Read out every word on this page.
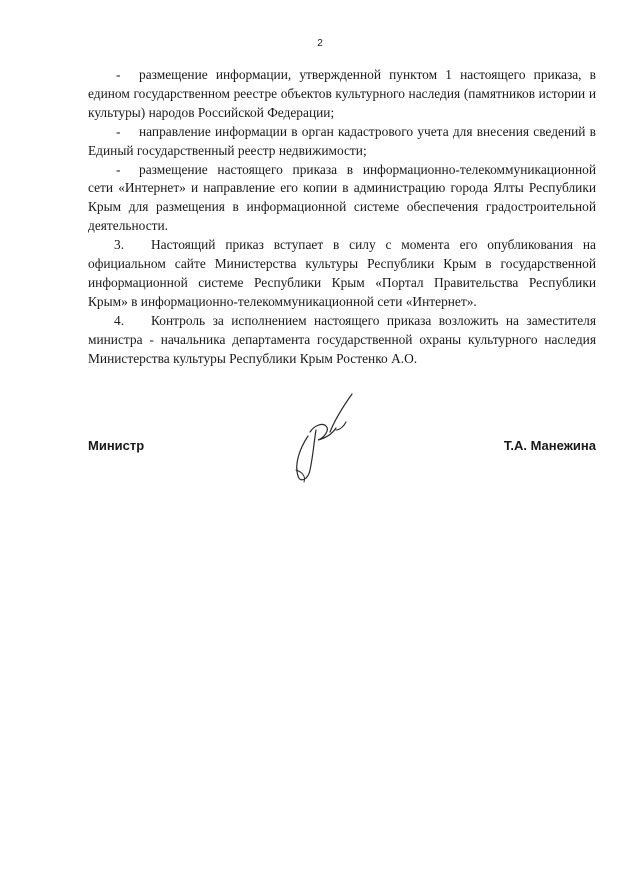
2

- размещение информации, утвержденной пунктом 1 настоящего приказа, в едином государственном реестре объектов культурного наследия (памятников истории и культуры) народов Российской Федерации;

- направление информации в орган кадастрового учета для внесения сведений в Единый государственный реестр недвижимости;

- размещение настоящего приказа в информационно-телекоммуникационной сети «Интернет» и направление его копии в администрацию города Ялты Республики Крым для размещения в информационной системе обеспечения градостроительной деятельности.

3. Настоящий приказ вступает в силу с момента его опубликования на официальном сайте Министерства культуры Республики Крым в государственной информационной системе Республики Крым «Портал Правительства Республики Крым» в информационно-телекоммуникационной сети «Интернет».

4. Контроль за исполнением настоящего приказа возложить на заместителя министра - начальника департамента государственной охраны культурного наследия Министерства культуры Республики Крым Ростенко А.О.

Министр	Т.А. Манежина
